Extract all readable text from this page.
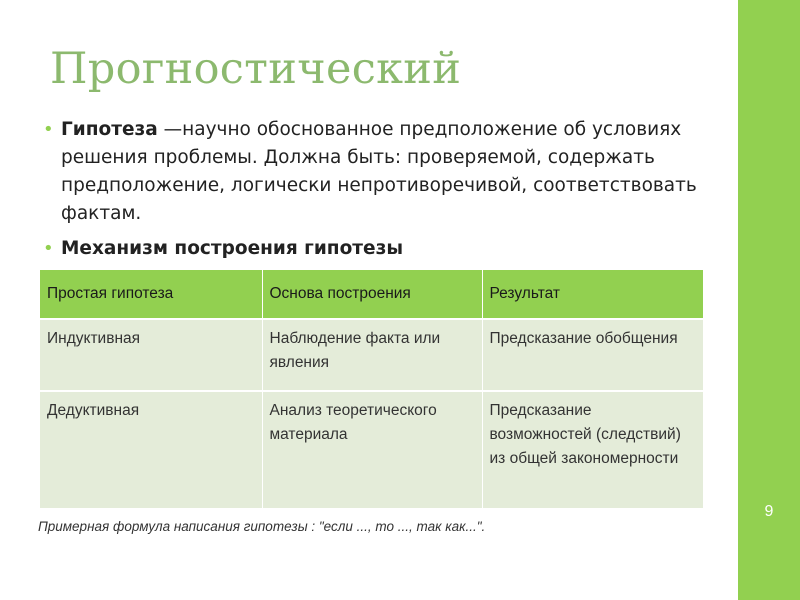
9
Прогностический
• Гипотеза —научно обоснованное предположение об условиях решения проблемы. Должна быть: проверяемой, содержать предположение, логически непротиворечивой, соответствовать фактам.
• Механизм построения гипотезы
Простая гипотеза	Основа построения	Результат
Индуктивная	Наблюдение факта или явления	Предсказание обобщения
Дедуктивная	Анализ теоретического материала	Предсказание возможностей (следствий) из общей закономерности
Примерная формула написания гипотезы : "если ..., то ..., так как...".
